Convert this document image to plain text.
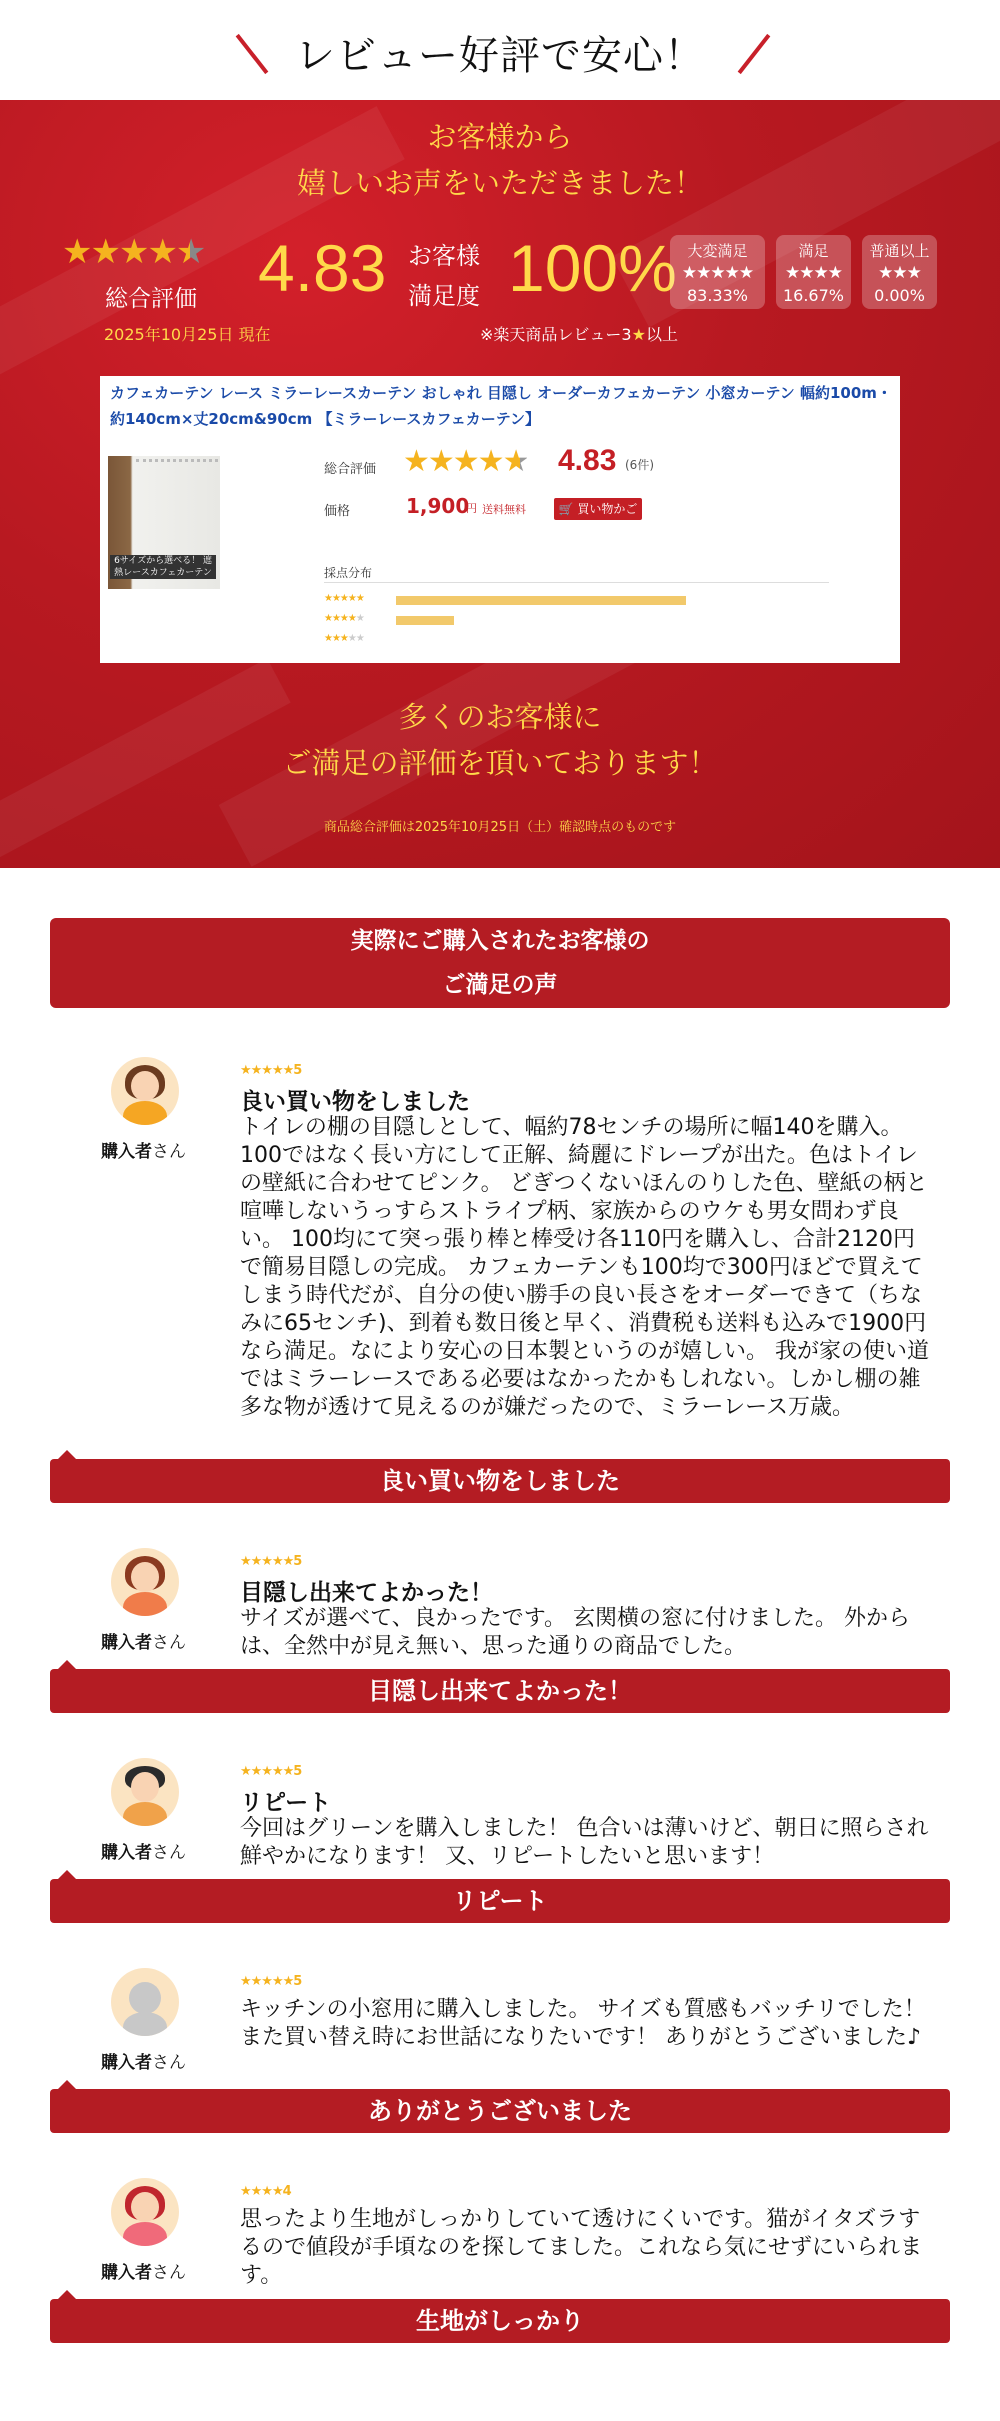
レビュー好評で安心！
お客様から
嬉しいお声をいただきました！
★★★★★
総合評価
2025年10月25日 現在
4.83 お客様
満足度 100%
※楽天商品レビュー3★以上
大変満足
★★★★★
83.33%
満足
★★★★
16.67%
普通以上
★★★
0.00%
カフェカーテン レース ミラーレースカーテン おしゃれ 目隠し オーダーカフェカーテン 小窓カーテン 幅約100m・約140cm×丈20cm&90cm 【ミラーレースカフェカーテン】
6サイズから選べる！ 遮熱レースカフェカーテン
総合評価 ★★★★★ 4.83 (6件)
価格	1,900
円 送料無料	🛒 買い物かご
採点分布
★★★★★
★★★★★
★★★★★
多くのお客様に
ご満足の評価を頂いております！
商品総合評価は2025年10月25日（土）確認時点のものです
実際にご購入されたお客様の
ご満足の声
購入者さん
★★★★★5
良い買い物をしました
トイレの棚の目隠しとして、幅約78センチの場所に幅140を購入。100ではなく長い方にして正解、綺麗にドレープが出た。色はトイレの壁紙に合わせてピンク。 どぎつくないほんのりした色、壁紙の柄と喧嘩しないうっすらストライプ柄、家族からのウケも男女問わず良い。 100均にて突っ張り棒と棒受け各110円を購入し、合計2120円で簡易目隠しの完成。 カフェカーテンも100均で300円ほどで買えてしまう時代だが、自分の使い勝手の良い長さをオーダーできて（ちなみに65センチ)、到着も数日後と早く、消費税も送料も込みで1900円なら満足。なにより安心の日本製というのが嬉しい。 我が家の使い道ではミラーレースである必要はなかったかもしれない。しかし棚の雑多な物が透けて見えるのが嫌だったので、ミラーレース万歳。
良い買い物をしました
購入者さん
★★★★★5
目隠し出来てよかった！
サイズが選べて、良かったです。 玄関横の窓に付けました。 外からは、全然中が見え無い、思った通りの商品でした。
目隠し出来てよかった！
購入者さん
★★★★★5
リピート
今回はグリーンを購入しました！ 色合いは薄いけど、朝日に照らされ鮮やかになります！ 又、リピートしたいと思います！
リピート
購入者さん
★★★★★5
キッチンの小窓用に購入しました。 サイズも質感もバッチリでした！ また買い替え時にお世話になりたいです！ ありがとうございました♪
ありがとうございました
購入者さん
★★★★4
思ったより生地がしっかりしていて透けにくいです。猫がイタズラするので値段が手頃なのを探してました。これなら気にせずにいられます。
生地がしっかり
